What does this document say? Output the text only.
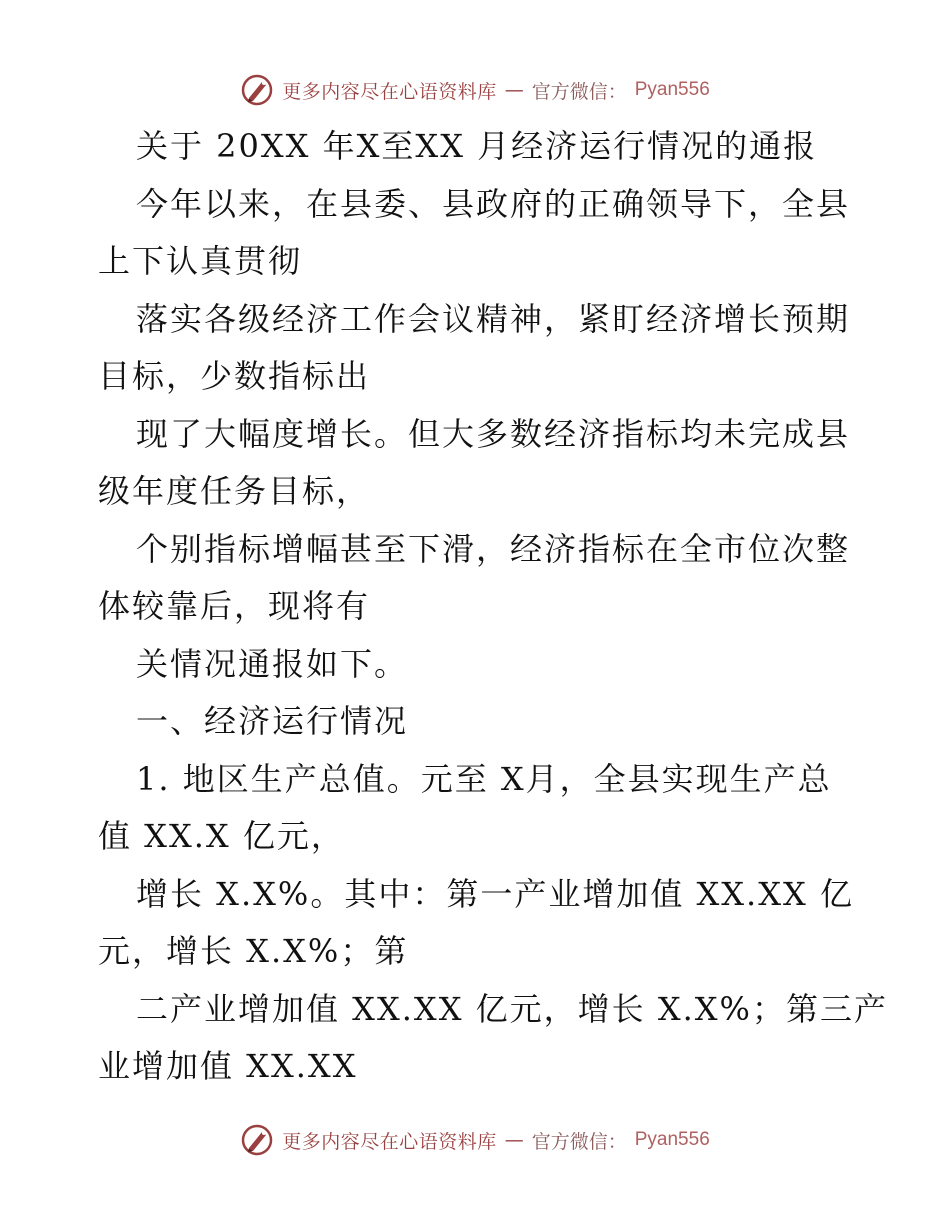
更多内容尽在心语资料库 — 官方微信： Pyan556
关于 20XX 年X至XX 月经济运行情况的通报
今年以来，在县委、县政府的正确领导下，全县
上下认真贯彻
落实各级经济工作会议精神，紧盯经济增长预期
目标，少数指标出
现了大幅度增长。但大多数经济指标均未完成县
级年度任务目标，
个别指标增幅甚至下滑，经济指标在全市位次整
体较靠后，现将有
关情况通报如下。
一、经济运行情况
1. 地区生产总值。元至 X月，全县实现生产总
值 XX.X 亿元，
增长 X.X%。其中：第一产业增加值 XX.XX 亿
元，增长 X.X%；第
二产业增加值 XX.XX 亿元，增长 X.X%；第三产
业增加值 XX.XX
更多内容尽在心语资料库 — 官方微信： Pyan556
